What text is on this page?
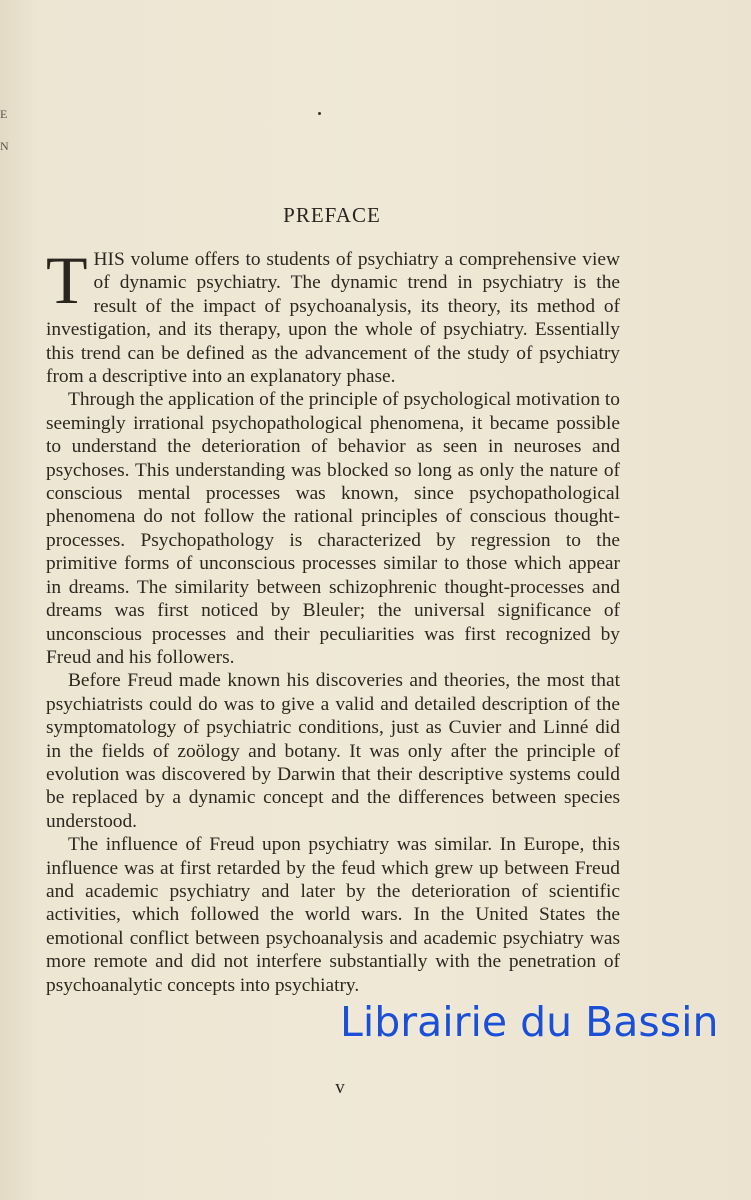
E
N
PREFACE

THIS volume offers to students of psychiatry a comprehensive view of dynamic psychiatry. The dynamic trend in psychiatry is the result of the impact of psychoanalysis, its theory, its method of investigation, and its therapy, upon the whole of psychiatry. Essentially this trend can be defined as the advancement of the study of psychiatry from a descriptive into an explanatory phase.

Through the application of the principle of psychological motivation to seemingly irrational psychopathological phenomena, it became possible to understand the deterioration of behavior as seen in neuroses and psychoses. This understanding was blocked so long as only the nature of conscious mental processes was known, since psychopathological phenomena do not follow the rational principles of conscious thought-processes. Psychopathology is characterized by regression to the primitive forms of unconscious processes similar to those which appear in dreams. The similarity between schizophrenic thought-processes and dreams was first noticed by Bleuler; the universal significance of unconscious processes and their peculiarities was first recognized by Freud and his followers.

Before Freud made known his discoveries and theories, the most that psychiatrists could do was to give a valid and detailed description of the symptomatology of psychiatric conditions, just as Cuvier and Linné did in the fields of zoölogy and botany. It was only after the principle of evolution was discovered by Darwin that their descriptive systems could be replaced by a dynamic concept and the differences between species understood.

The influence of Freud upon psychiatry was similar. In Europe, this influence was at first retarded by the feud which grew up between Freud and academic psychiatry and later by the deterioration of scientific activities, which followed the world wars. In the United States the emotional conflict between psychoanalysis and academic psychiatry was more remote and did not interfere substantially with the penetration of psychoanalytic concepts into psychiatry.

v
Librairie du Bassin
